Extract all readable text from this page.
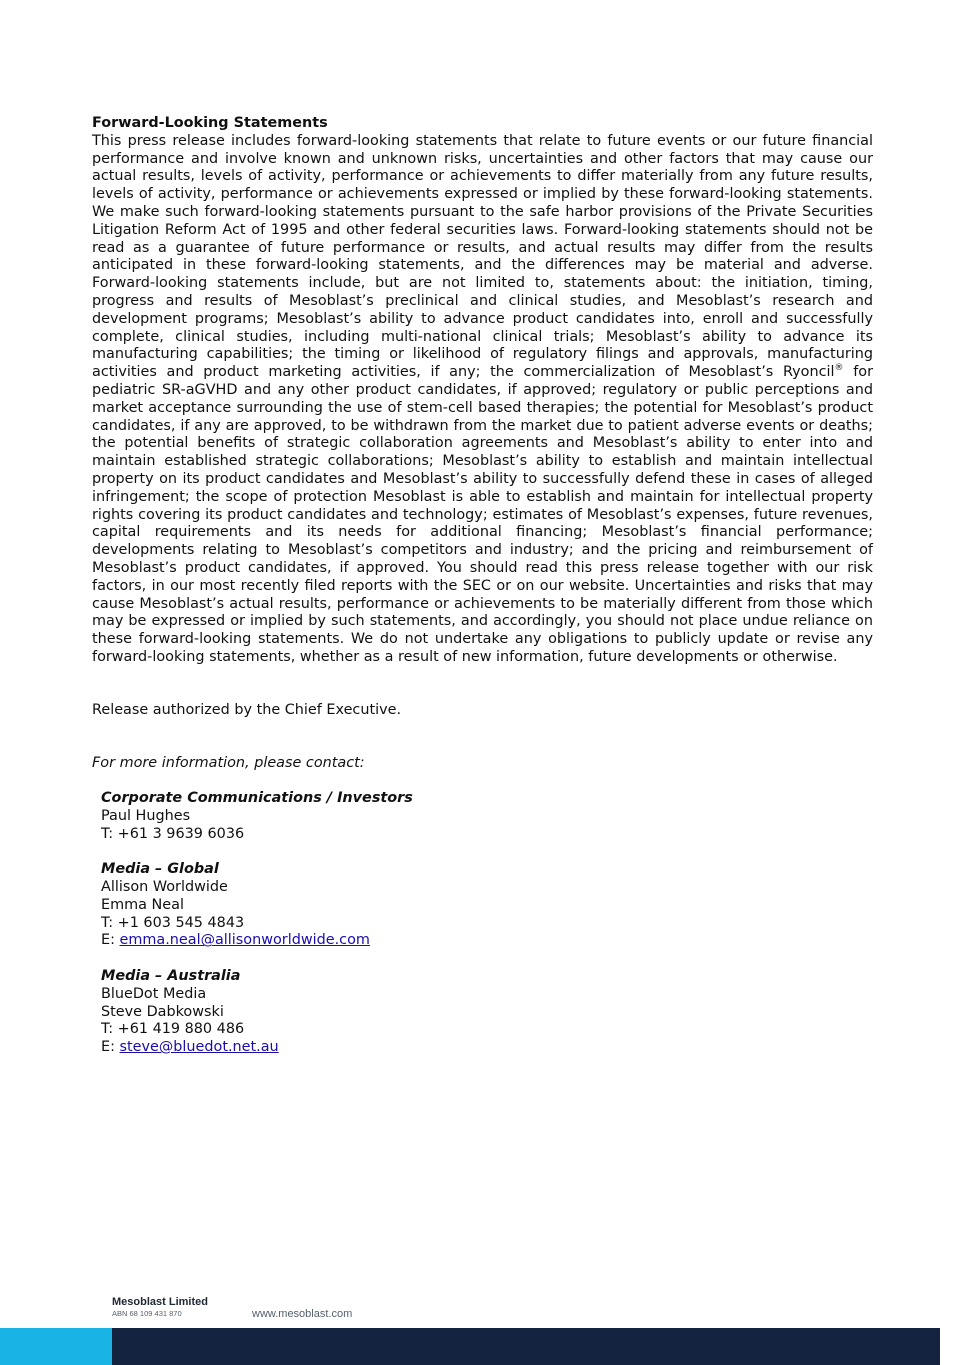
Forward-Looking Statements

This press release includes forward-looking statements that relate to future events or our future financial performance and involve known and unknown risks, uncertainties and other factors that may cause our actual results, levels of activity, performance or achievements to differ materially from any future results, levels of activity, performance or achievements expressed or implied by these forward-looking statements. We make such forward-looking statements pursuant to the safe harbor provisions of the Private Securities Litigation Reform Act of 1995 and other federal securities laws. Forward-looking statements should not be read as a guarantee of future performance or results, and actual results may differ from the results anticipated in these forward-looking statements, and the differences may be material and adverse. Forward-looking statements include, but are not limited to, statements about: the initiation, timing, progress and results of Mesoblast’s preclinical and clinical studies, and Mesoblast’s research and development programs; Mesoblast’s ability to advance product candidates into, enroll and successfully complete, clinical studies, including multi-national clinical trials; Mesoblast’s ability to advance its manufacturing capabilities; the timing or likelihood of regulatory filings and approvals, manufacturing activities and product marketing activities, if any; the commercialization of Mesoblast’s Ryoncil® for pediatric SR-aGVHD and any other product candidates, if approved; regulatory or public perceptions and market acceptance surrounding the use of stem-cell based therapies; the potential for Mesoblast’s product candidates, if any are approved, to be withdrawn from the market due to patient adverse events or deaths; the potential benefits of strategic collaboration agreements and Mesoblast’s ability to enter into and maintain established strategic collaborations; Mesoblast’s ability to establish and maintain intellectual property on its product candidates and Mesoblast’s ability to successfully defend these in cases of alleged infringement; the scope of protection Mesoblast is able to establish and maintain for intellectual property rights covering its product candidates and technology; estimates of Mesoblast’s expenses, future revenues, capital requirements and its needs for additional financing; Mesoblast’s financial performance; developments relating to Mesoblast’s competitors and industry; and the pricing and reimbursement of Mesoblast’s product candidates, if approved. You should read this press release together with our risk factors, in our most recently filed reports with the SEC or on our website. Uncertainties and risks that may cause Mesoblast’s actual results, performance or achievements to be materially different from those which may be expressed or implied by such statements, and accordingly, you should not place undue reliance on these forward-looking statements. We do not undertake any obligations to publicly update or revise any forward-looking statements, whether as a result of new information, future developments or otherwise.

Release authorized by the Chief Executive.

For more information, please contact:

Corporate Communications / Investors
Paul Hughes
T: +61 3 9639 6036
Media – Global
Allison Worldwide
Emma Neal
T: +1 603 545 4843
E: emma.neal@allisonworldwide.com
Media – Australia
BlueDot Media
Steve Dabkowski
T: +61 419 880 486
E: steve@bluedot.net.au
Mesoblast Limited
ABN 68 109 431 870	www.mesoblast.com
